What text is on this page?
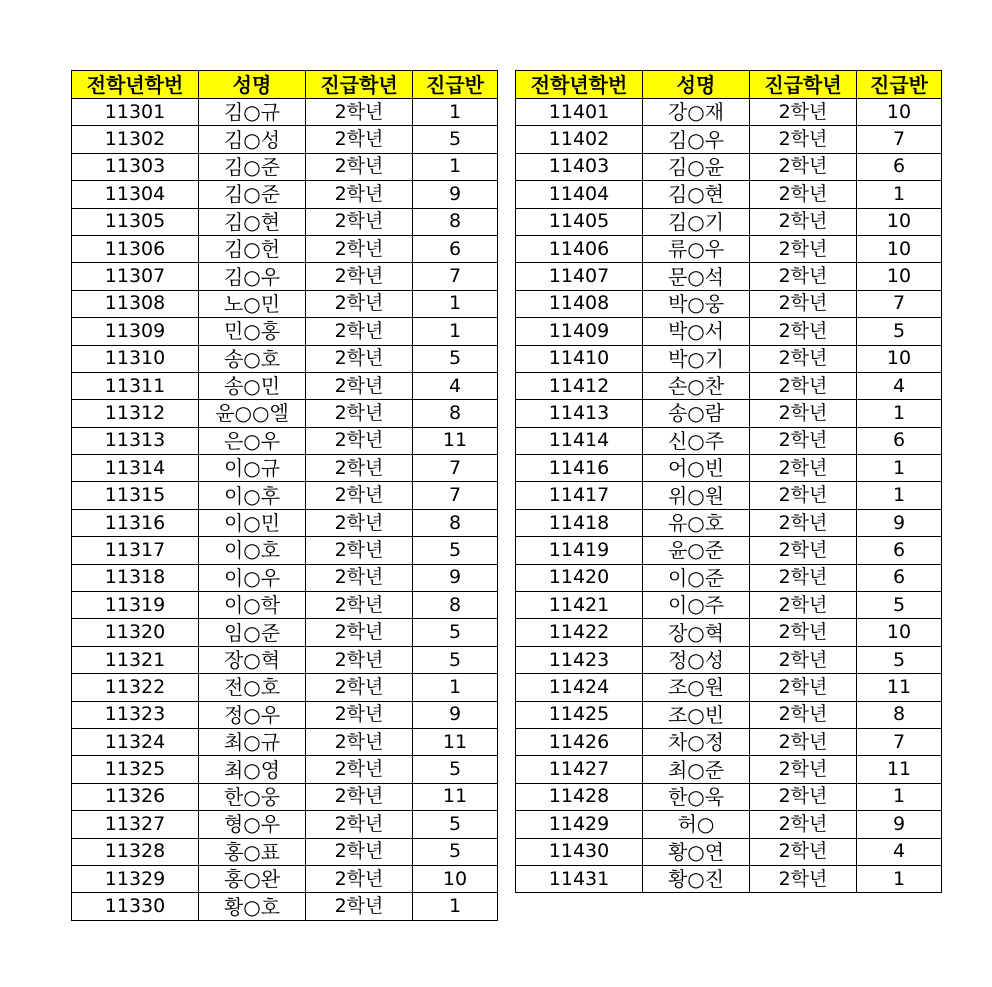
전학년학번	성명	진급학년	진급반
11301	김○규	2학년	1
11302	김○성	2학년	5
11303	김○준	2학년	1
11304	김○준	2학년	9
11305	김○현	2학년	8
11306	김○헌	2학년	6
11307	김○우	2학년	7
11308	노○민	2학년	1
11309	민○홍	2학년	1
11310	송○호	2학년	5
11311	송○민	2학년	4
11312	윤○○엘	2학년	8
11313	은○우	2학년	11
11314	이○규	2학년	7
11315	이○후	2학년	7
11316	이○민	2학년	8
11317	이○호	2학년	5
11318	이○우	2학년	9
11319	이○학	2학년	8
11320	임○준	2학년	5
11321	장○혁	2학년	5
11322	전○호	2학년	1
11323	정○우	2학년	9
11324	최○규	2학년	11
11325	최○영	2학년	5
11326	한○웅	2학년	11
11327	형○우	2학년	5
11328	홍○표	2학년	5
11329	홍○완	2학년	10
11330	황○호	2학년	1
전학년학번	성명	진급학년	진급반
11401	강○재	2학년	10
11402	김○우	2학년	7
11403	김○윤	2학년	6
11404	김○현	2학년	1
11405	김○기	2학년	10
11406	류○우	2학년	10
11407	문○석	2학년	10
11408	박○웅	2학년	7
11409	박○서	2학년	5
11410	박○기	2학년	10
11412	손○찬	2학년	4
11413	송○람	2학년	1
11414	신○주	2학년	6
11416	어○빈	2학년	1
11417	위○원	2학년	1
11418	유○호	2학년	9
11419	윤○준	2학년	6
11420	이○준	2학년	6
11421	이○주	2학년	5
11422	장○혁	2학년	10
11423	정○성	2학년	5
11424	조○원	2학년	11
11425	조○빈	2학년	8
11426	차○정	2학년	7
11427	최○준	2학년	11
11428	한○욱	2학년	1
11429	허○	2학년	9
11430	황○연	2학년	4
11431	황○진	2학년	1
